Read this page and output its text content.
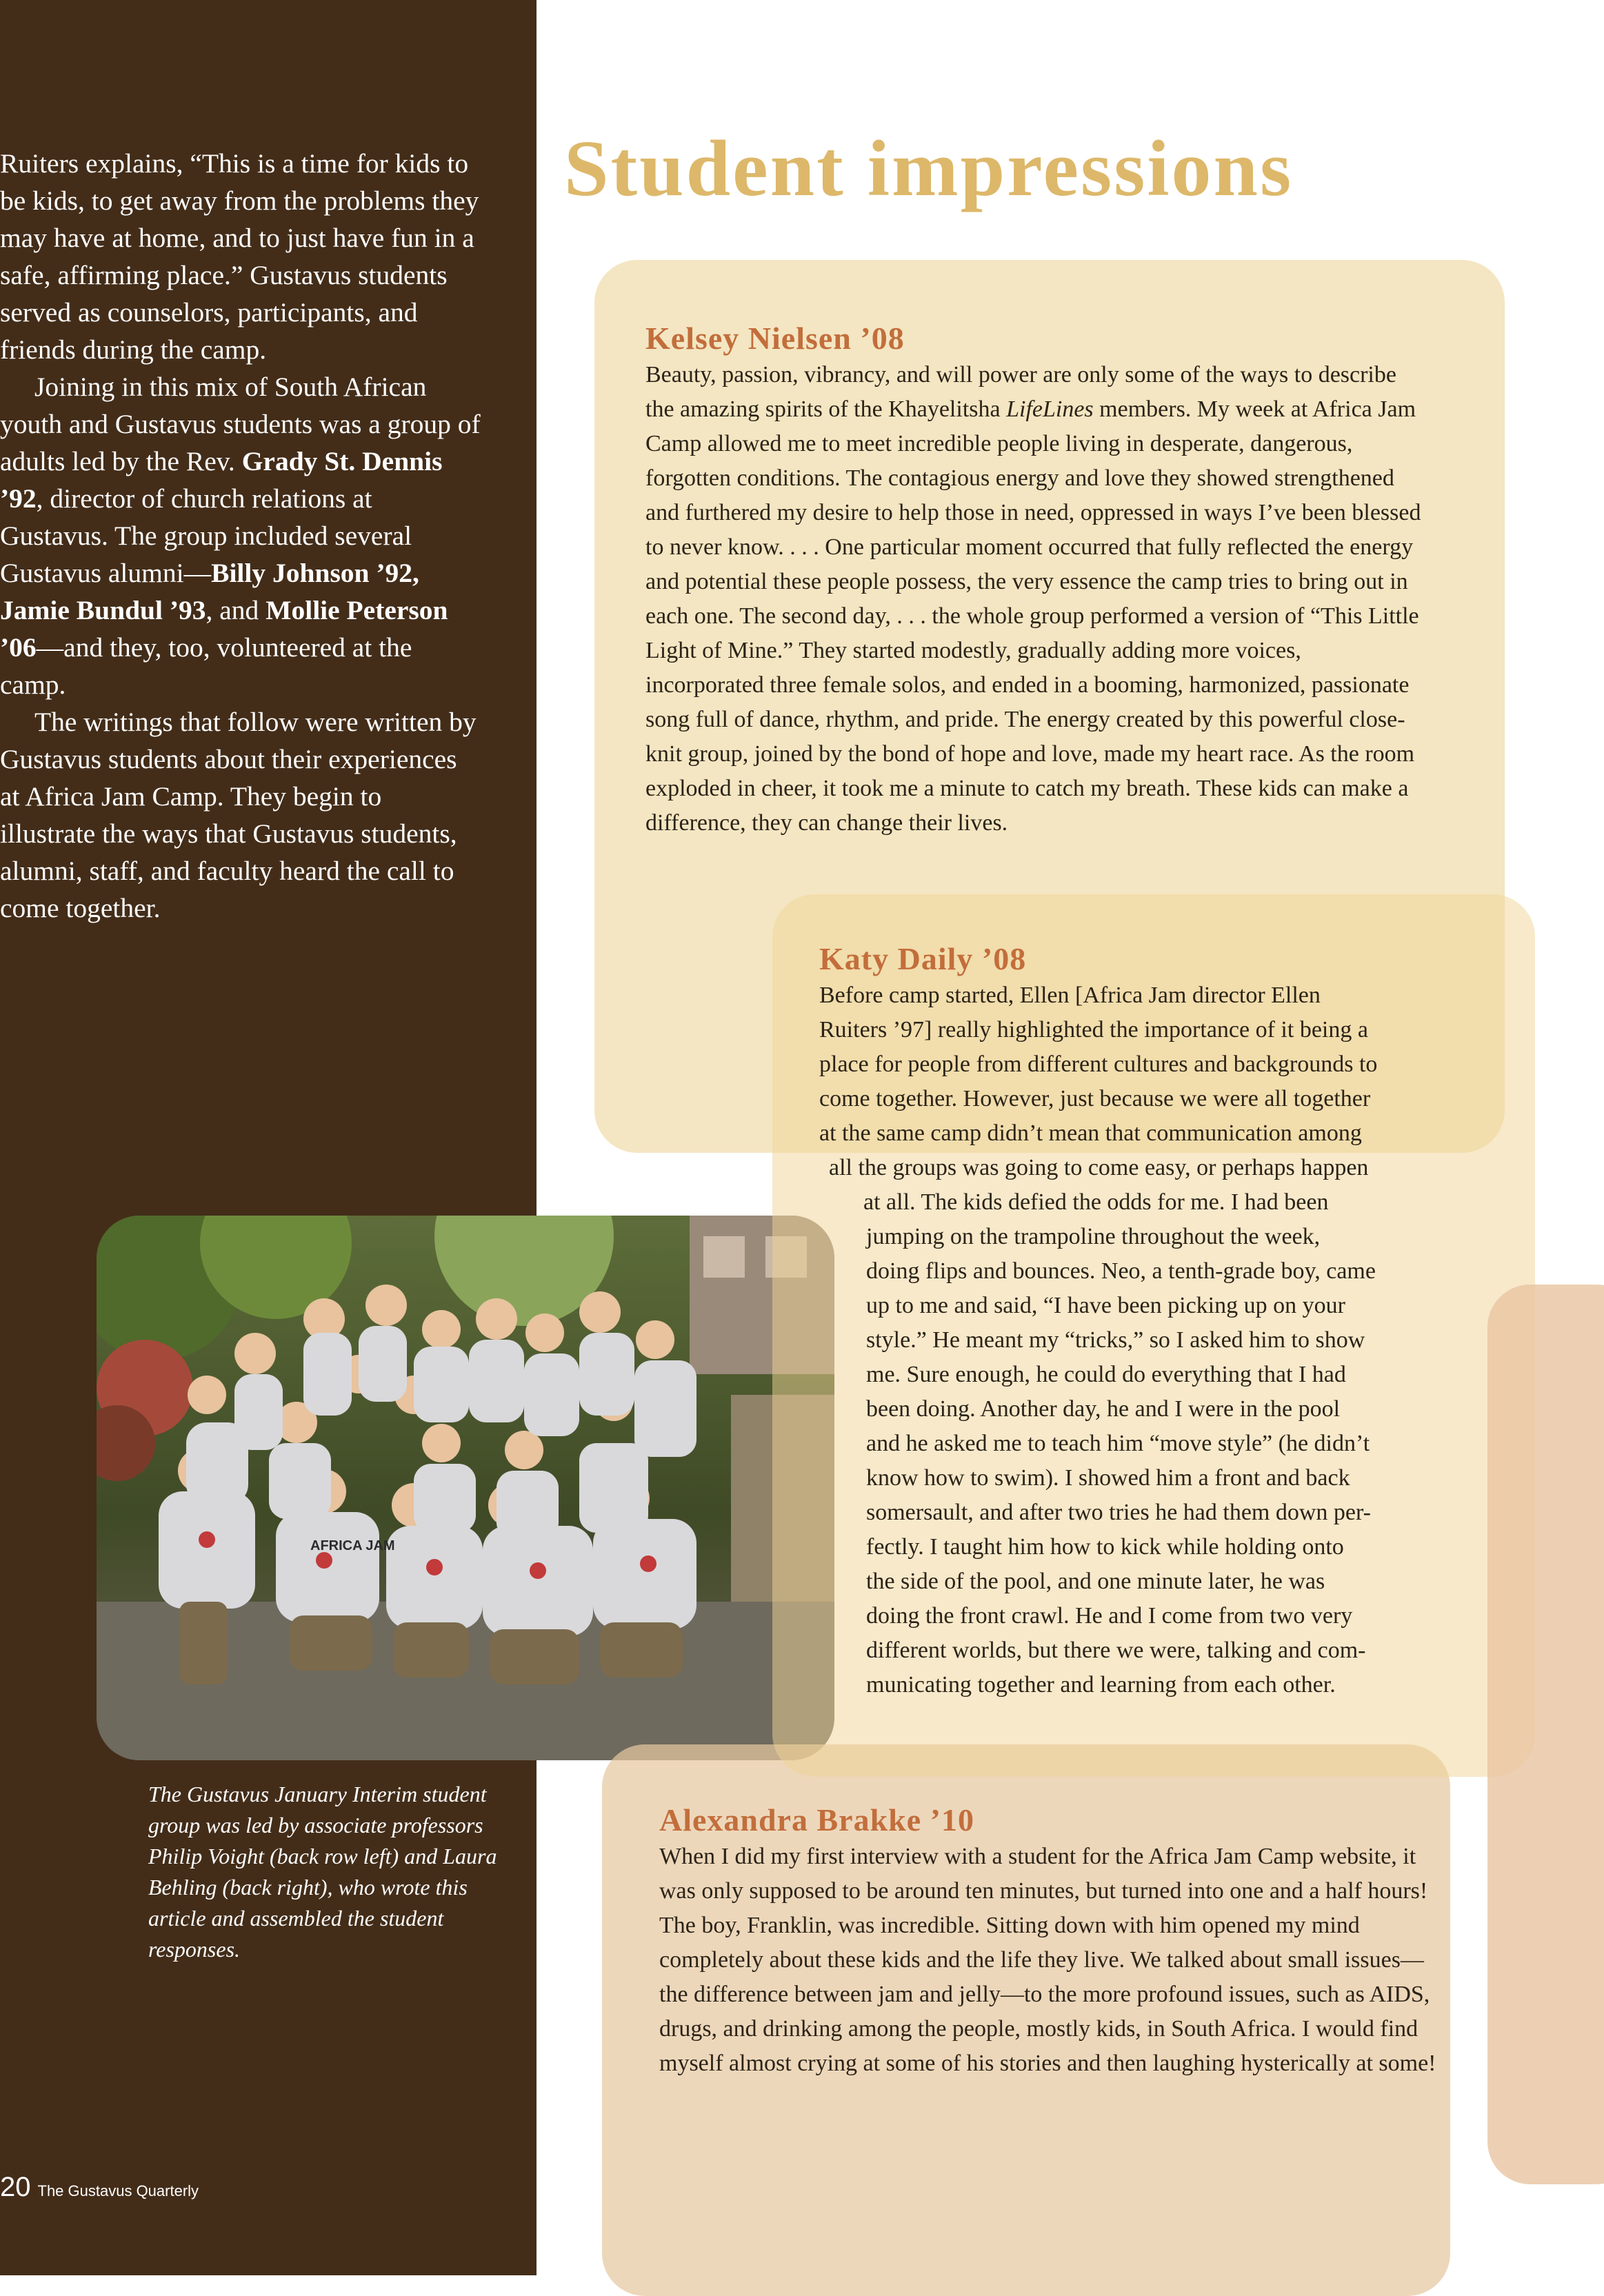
Ruiters explains, “This is a time for kids to be kids, to get away from the problems they may have at home, and to just have fun in a safe, affirming place.” Gustavus students served as counselors, participants, and friends during the camp.

Joining in this mix of South African youth and Gustavus students was a group of adults led by the Rev. Grady St. Dennis ’92, director of church relations at Gustavus. The group included several Gustavus alumni—Billy Johnson ’92, Jamie Bundul ’93, and Mollie Peterson ’06—and they, too, volunteered at the camp.

The writings that follow were written by Gustavus students about their experiences at Africa Jam Camp. They begin to illustrate the ways that Gustavus students, alumni, staff, and faculty heard the call to come together.

The Gustavus January Interim student group was led by associate professors Philip Voight (back row left) and Laura Behling (back right), who wrote this article and assembled the student responses.
20 The Gustavus Quarterly
AFRICA JAM
Student impressions
Kelsey Nielsen ’08

Beauty, passion, vibrancy, and will power are only some of the ways to describe the amazing spirits of the Khayelitsha LifeLines members. My week at Africa Jam Camp allowed me to meet incredible people living in desperate, dangerous, forgotten conditions. The contagious energy and love they showed strengthened and furthered my desire to help those in need, oppressed in ways I’ve been blessed to never know. . . . One particular moment occurred that fully reflected the energy and potential these people possess, the very essence the camp tries to bring out in each one. The second day, . . . the whole group performed a version of “This Little Light of Mine.” They started modestly, gradually adding more voices, incorporated three female solos, and ended in a booming, harmonized, passionate song full of dance, rhythm, and pride. The energy created by this powerful close-knit group, joined by the bond of hope and love, made my heart race. As the room exploded in cheer, it took me a minute to catch my breath. These kids can make a difference, they can change their lives.

Katy Daily ’08
Before camp started, Ellen [Africa Jam director Ellen
Ruiters ’97] really highlighted the importance of it being a
place for people from different cultures and backgrounds to
come together. However, just because we were all together
at the same camp didn’t mean that communication among
all the groups was going to come easy, or perhaps happen
at all. The kids defied the odds for me. I had been
jumping on the trampoline throughout the week,
doing flips and bounces. Neo, a tenth-grade boy, came
up to me and said, “I have been picking up on your
style.” He meant my “tricks,” so I asked him to show
me. Sure enough, he could do everything that I had
been doing. Another day, he and I were in the pool
and he asked me to teach him “move style” (he didn’t
know how to swim). I showed him a front and back
somersault, and after two tries he had them down per-
fectly. I taught him how to kick while holding onto
the side of the pool, and one minute later, he was
doing the front crawl. He and I come from two very
different worlds, but there we were, talking and com-
municating together and learning from each other.
Alexandra Brakke ’10

When I did my first interview with a student for the Africa Jam Camp website, it was only supposed to be around ten minutes, but turned into one and a half hours! The boy, Franklin, was incredible. Sitting down with him opened my mind completely about these kids and the life they live. We talked about small issues—the difference between jam and jelly—to the more profound issues, such as AIDS, drugs, and drinking among the people, mostly kids, in South Africa. I would find myself almost crying at some of his stories and then laughing hysterically at some!
